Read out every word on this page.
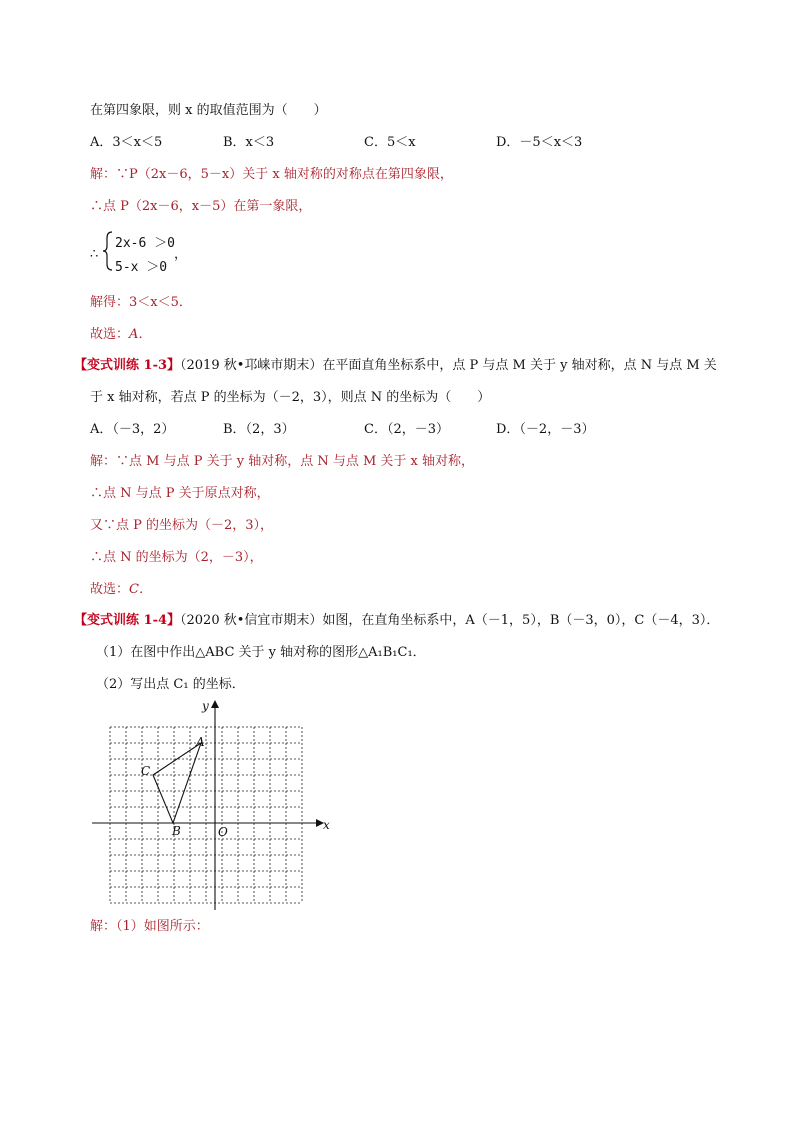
在第四象限，则 x 的取值范围为（　　）
A．3＜x＜5	B．x＜3	C．5＜x	D．－5＜x＜3
解：∵P（2x－6，5－x）关于 x 轴对称的对称点在第四象限，
∴点 P（2x－6，x－5）在第一象限，
∴
2x-6 ＞0
5-x ＞0
，
解得：3＜x＜5．
故选：A．
【变式训练 1-3】（2019 秋•邛崃市期末）在平面直角坐标系中，点 P 与点 M 关于 y 轴对称，点 N 与点 M 关
于 x 轴对称，若点 P 的坐标为（－2，3），则点 N 的坐标为（　　）
A．（－3，2）	B．（2，3）	C．（2，－3）	D．（－2，－3）
解：∵点 M 与点 P 关于 y 轴对称，点 N 与点 M 关于 x 轴对称，
∴点 N 与点 P 关于原点对称，
又∵点 P 的坐标为（－2，3），
∴点 N 的坐标为（2，－3），
故选：C．
【变式训练 1-4】（2020 秋•信宜市期末）如图，在直角坐标系中，A（－1，5），B（－3，0），C（－4，3）．
（1）在图中作出△ABC 关于 y 轴对称的图形△A₁B₁C₁．
（2）写出点 C₁ 的坐标．
x
y
O
A
B
C
解：（1）如图所示：
